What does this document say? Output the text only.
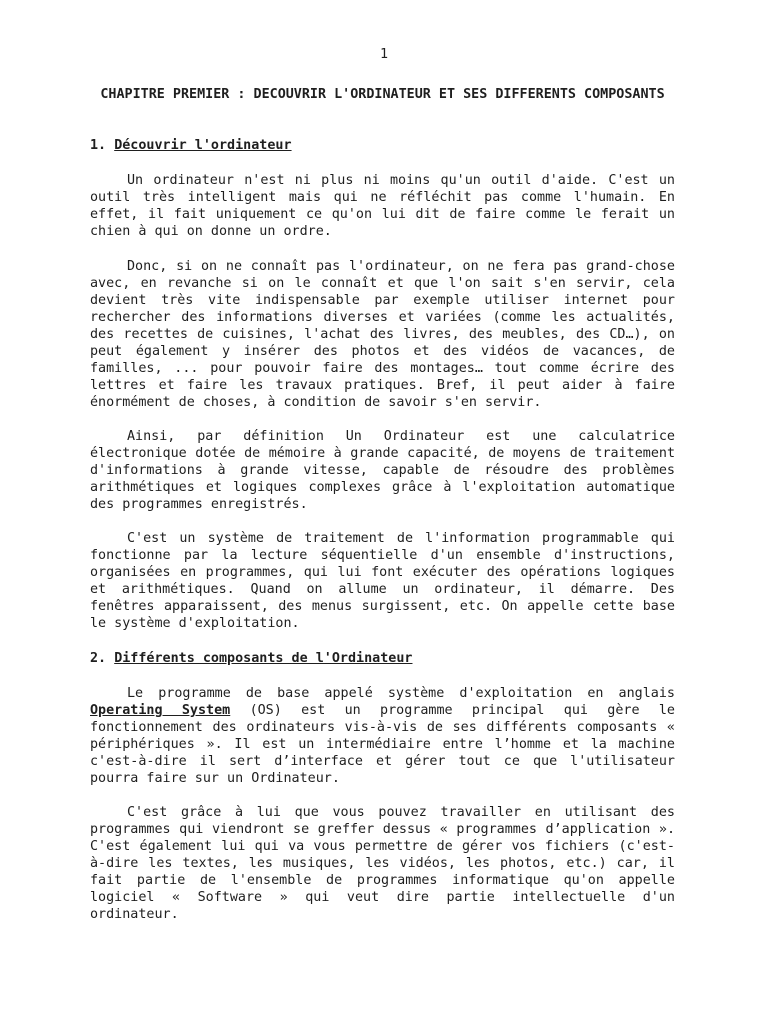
1
CHAPITRE PREMIER : DECOUVRIR L'ORDINATEUR ET SES DIFFERENTS COMPOSANTS
1. Découvrir l'ordinateur

Un ordinateur n'est ni plus ni moins qu'un outil d'aide. C'est un outil très intelligent mais qui ne réfléchit pas comme l'humain. En effet, il fait uniquement ce qu'on lui dit de faire comme le ferait un chien à qui on donne un ordre.

Donc, si on ne connaît pas l'ordinateur, on ne fera pas grand-chose avec, en revanche si on le connaît et que l'on sait s'en servir, cela devient très vite indispensable par exemple utiliser internet pour rechercher des informations diverses et variées (comme les actualités, des recettes de cuisines, l'achat des livres, des meubles, des CD…), on peut également y insérer des photos et des vidéos de vacances, de familles, ... pour pouvoir faire des montages… tout comme écrire des lettres et faire les travaux pratiques. Bref, il peut aider à faire énormément de choses, à condition de savoir s'en servir.

Ainsi, par définition Un Ordinateur est une calculatrice électronique dotée de mémoire à grande capacité, de moyens de traitement d'informations à grande vitesse, capable de résoudre des problèmes arithmétiques et logiques complexes grâce à l'exploitation automatique des programmes enregistrés.

C'est un système de traitement de l'information programmable qui fonctionne par la lecture séquentielle d'un ensemble d'instructions, organisées en programmes, qui lui font exécuter des opérations logiques et arithmétiques. Quand on allume un ordinateur, il démarre. Des fenêtres apparaissent, des menus surgissent, etc. On appelle cette base le système d'exploitation.

2. Différents composants de l'Ordinateur

Le programme de base appelé système d'exploitation en anglais Operating System (OS) est un programme principal qui gère le fonctionnement des ordinateurs vis-à-vis de ses différents composants « périphériques ». Il est un intermédiaire entre l’homme et la machine c'est-à-dire il sert d’interface et gérer tout ce que l'utilisateur pourra faire sur un Ordinateur.

C'est grâce à lui que vous pouvez travailler en utilisant des programmes qui viendront se greffer dessus « programmes d’application ». C'est également lui qui va vous permettre de gérer vos fichiers (c'est-à-dire les textes, les musiques, les vidéos, les photos, etc.) car, il fait partie de l'ensemble de programmes informatique qu'on appelle logiciel « Software » qui veut dire partie intellectuelle d'un ordinateur.
